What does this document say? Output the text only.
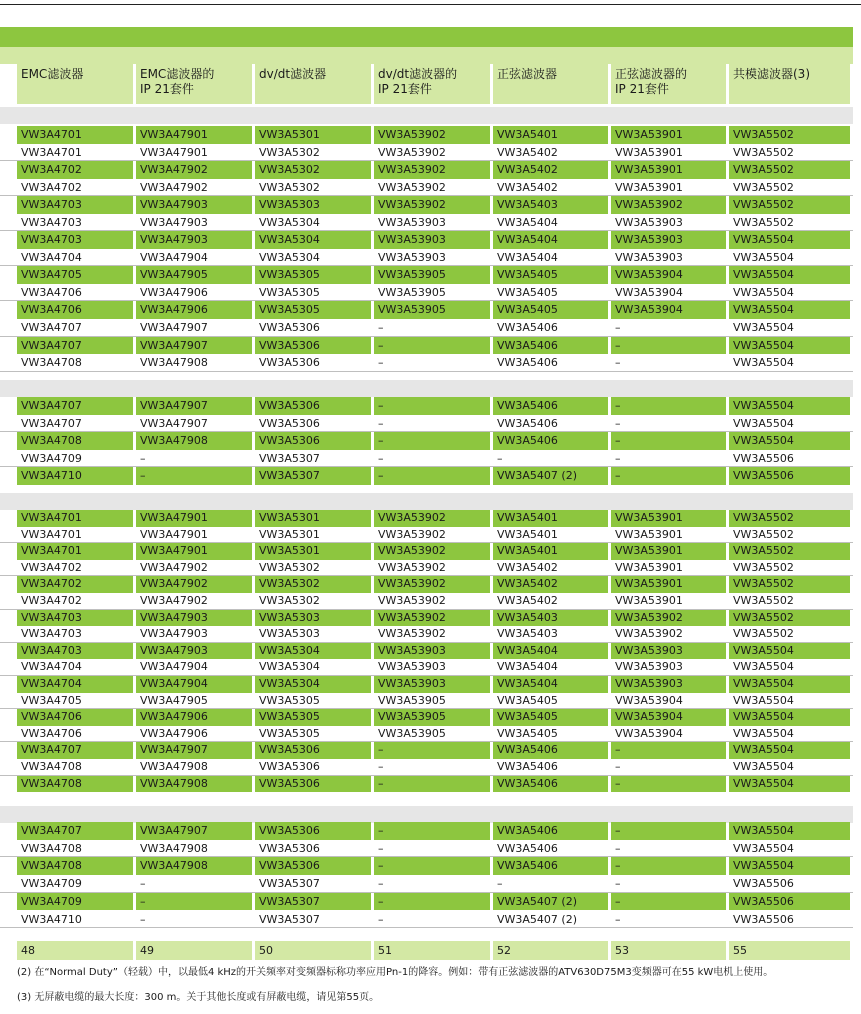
EMC滤波器	EMC滤波器的
IP 21套件
dv/dt滤波器	dv/dt滤波器的
IP 21套件
正弦滤波器	正弦滤波器的
IP 21套件
共模滤波器(3)
VW3A4701	VW3A47901	VW3A5301	VW3A53902	VW3A5401	VW3A53901	VW3A5502
VW3A4701	VW3A47901	VW3A5302	VW3A53902	VW3A5402	VW3A53901	VW3A5502
VW3A4702	VW3A47902	VW3A5302	VW3A53902	VW3A5402	VW3A53901	VW3A5502
VW3A4702	VW3A47902	VW3A5302	VW3A53902	VW3A5402	VW3A53901	VW3A5502
VW3A4703	VW3A47903	VW3A5303	VW3A53902	VW3A5403	VW3A53902	VW3A5502
VW3A4703	VW3A47903	VW3A5304	VW3A53903	VW3A5404	VW3A53903	VW3A5502
VW3A4703	VW3A47903	VW3A5304	VW3A53903	VW3A5404	VW3A53903	VW3A5504
VW3A4704	VW3A47904	VW3A5304	VW3A53903	VW3A5404	VW3A53903	VW3A5504
VW3A4705	VW3A47905	VW3A5305	VW3A53905	VW3A5405	VW3A53904	VW3A5504
VW3A4706	VW3A47906	VW3A5305	VW3A53905	VW3A5405	VW3A53904	VW3A5504
VW3A4706	VW3A47906	VW3A5305	VW3A53905	VW3A5405	VW3A53904	VW3A5504
VW3A4707	VW3A47907	VW3A5306	–	VW3A5406	–	VW3A5504
VW3A4707	VW3A47907	VW3A5306	–	VW3A5406	–	VW3A5504
VW3A4708	VW3A47908	VW3A5306	–	VW3A5406	–	VW3A5504
VW3A4707	VW3A47907	VW3A5306	–	VW3A5406	–	VW3A5504
VW3A4707	VW3A47907	VW3A5306	–	VW3A5406	–	VW3A5504
VW3A4708	VW3A47908	VW3A5306	–	VW3A5406	–	VW3A5504
VW3A4709	–	VW3A5307	–	–	–	VW3A5506
VW3A4710	–	VW3A5307	–	VW3A5407 (2)	–	VW3A5506
VW3A4701	VW3A47901	VW3A5301	VW3A53902	VW3A5401	VW3A53901	VW3A5502
VW3A4701	VW3A47901	VW3A5301	VW3A53902	VW3A5401	VW3A53901	VW3A5502
VW3A4701	VW3A47901	VW3A5301	VW3A53902	VW3A5401	VW3A53901	VW3A5502
VW3A4702	VW3A47902	VW3A5302	VW3A53902	VW3A5402	VW3A53901	VW3A5502
VW3A4702	VW3A47902	VW3A5302	VW3A53902	VW3A5402	VW3A53901	VW3A5502
VW3A4702	VW3A47902	VW3A5302	VW3A53902	VW3A5402	VW3A53901	VW3A5502
VW3A4703	VW3A47903	VW3A5303	VW3A53902	VW3A5403	VW3A53902	VW3A5502
VW3A4703	VW3A47903	VW3A5303	VW3A53902	VW3A5403	VW3A53902	VW3A5502
VW3A4703	VW3A47903	VW3A5304	VW3A53903	VW3A5404	VW3A53903	VW3A5504
VW3A4704	VW3A47904	VW3A5304	VW3A53903	VW3A5404	VW3A53903	VW3A5504
VW3A4704	VW3A47904	VW3A5304	VW3A53903	VW3A5404	VW3A53903	VW3A5504
VW3A4705	VW3A47905	VW3A5305	VW3A53905	VW3A5405	VW3A53904	VW3A5504
VW3A4706	VW3A47906	VW3A5305	VW3A53905	VW3A5405	VW3A53904	VW3A5504
VW3A4706	VW3A47906	VW3A5305	VW3A53905	VW3A5405	VW3A53904	VW3A5504
VW3A4707	VW3A47907	VW3A5306	–	VW3A5406	–	VW3A5504
VW3A4708	VW3A47908	VW3A5306	–	VW3A5406	–	VW3A5504
VW3A4708	VW3A47908	VW3A5306	–	VW3A5406	–	VW3A5504
VW3A4707	VW3A47907	VW3A5306	–	VW3A5406	–	VW3A5504
VW3A4708	VW3A47908	VW3A5306	–	VW3A5406	–	VW3A5504
VW3A4708	VW3A47908	VW3A5306	–	VW3A5406	–	VW3A5504
VW3A4709	–	VW3A5307	–	–	–	VW3A5506
VW3A4709	–	VW3A5307	–	VW3A5407 (2)	–	VW3A5506
VW3A4710	–	VW3A5307	–	VW3A5407 (2)	–	VW3A5506
48	49	50	51	52	53	55
(2) 在“Normal Duty”（轻载）中，以最低4 kHz的开关频率对变频器标称功率应用Pn-1的降容。例如：带有正弦滤波器的ATV630D75M3变频器可在55 kW电机上使用。
(3) 无屏蔽电缆的最大长度：300 m。关于其他长度或有屏蔽电缆，请见第55页。
